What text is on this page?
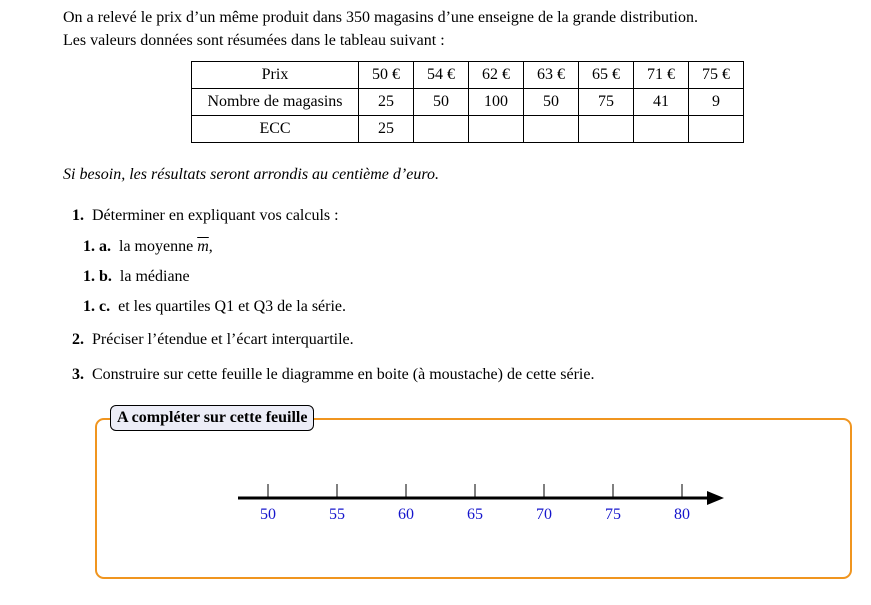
On a relevé le prix d’un même produit dans 350 magasins d’une enseigne de la grande distribution.

Les valeurs données sont résumées dans le tableau suivant :

Prix	50 €	54 €	62 €	63 €	65 €	71 €	75 €
Nombre de magasins	25	50	100	50	75	41	9
ECC	25						
Si besoin, les résultats seront arrondis au centième d’euro.
1. Déterminer en expliquant vos calculs :
1. a. la moyenne $\overline{m}$,
1. b. la médiane
1. c. et les quartiles Q1 et Q3 de la série.
2. Préciser l’étendue et l’écart interquartile.
3. Construire sur cette feuille le diagramme en boite (à moustache) de cette série.
A compléter sur cette feuille
50	55	60	65	70	75	80
